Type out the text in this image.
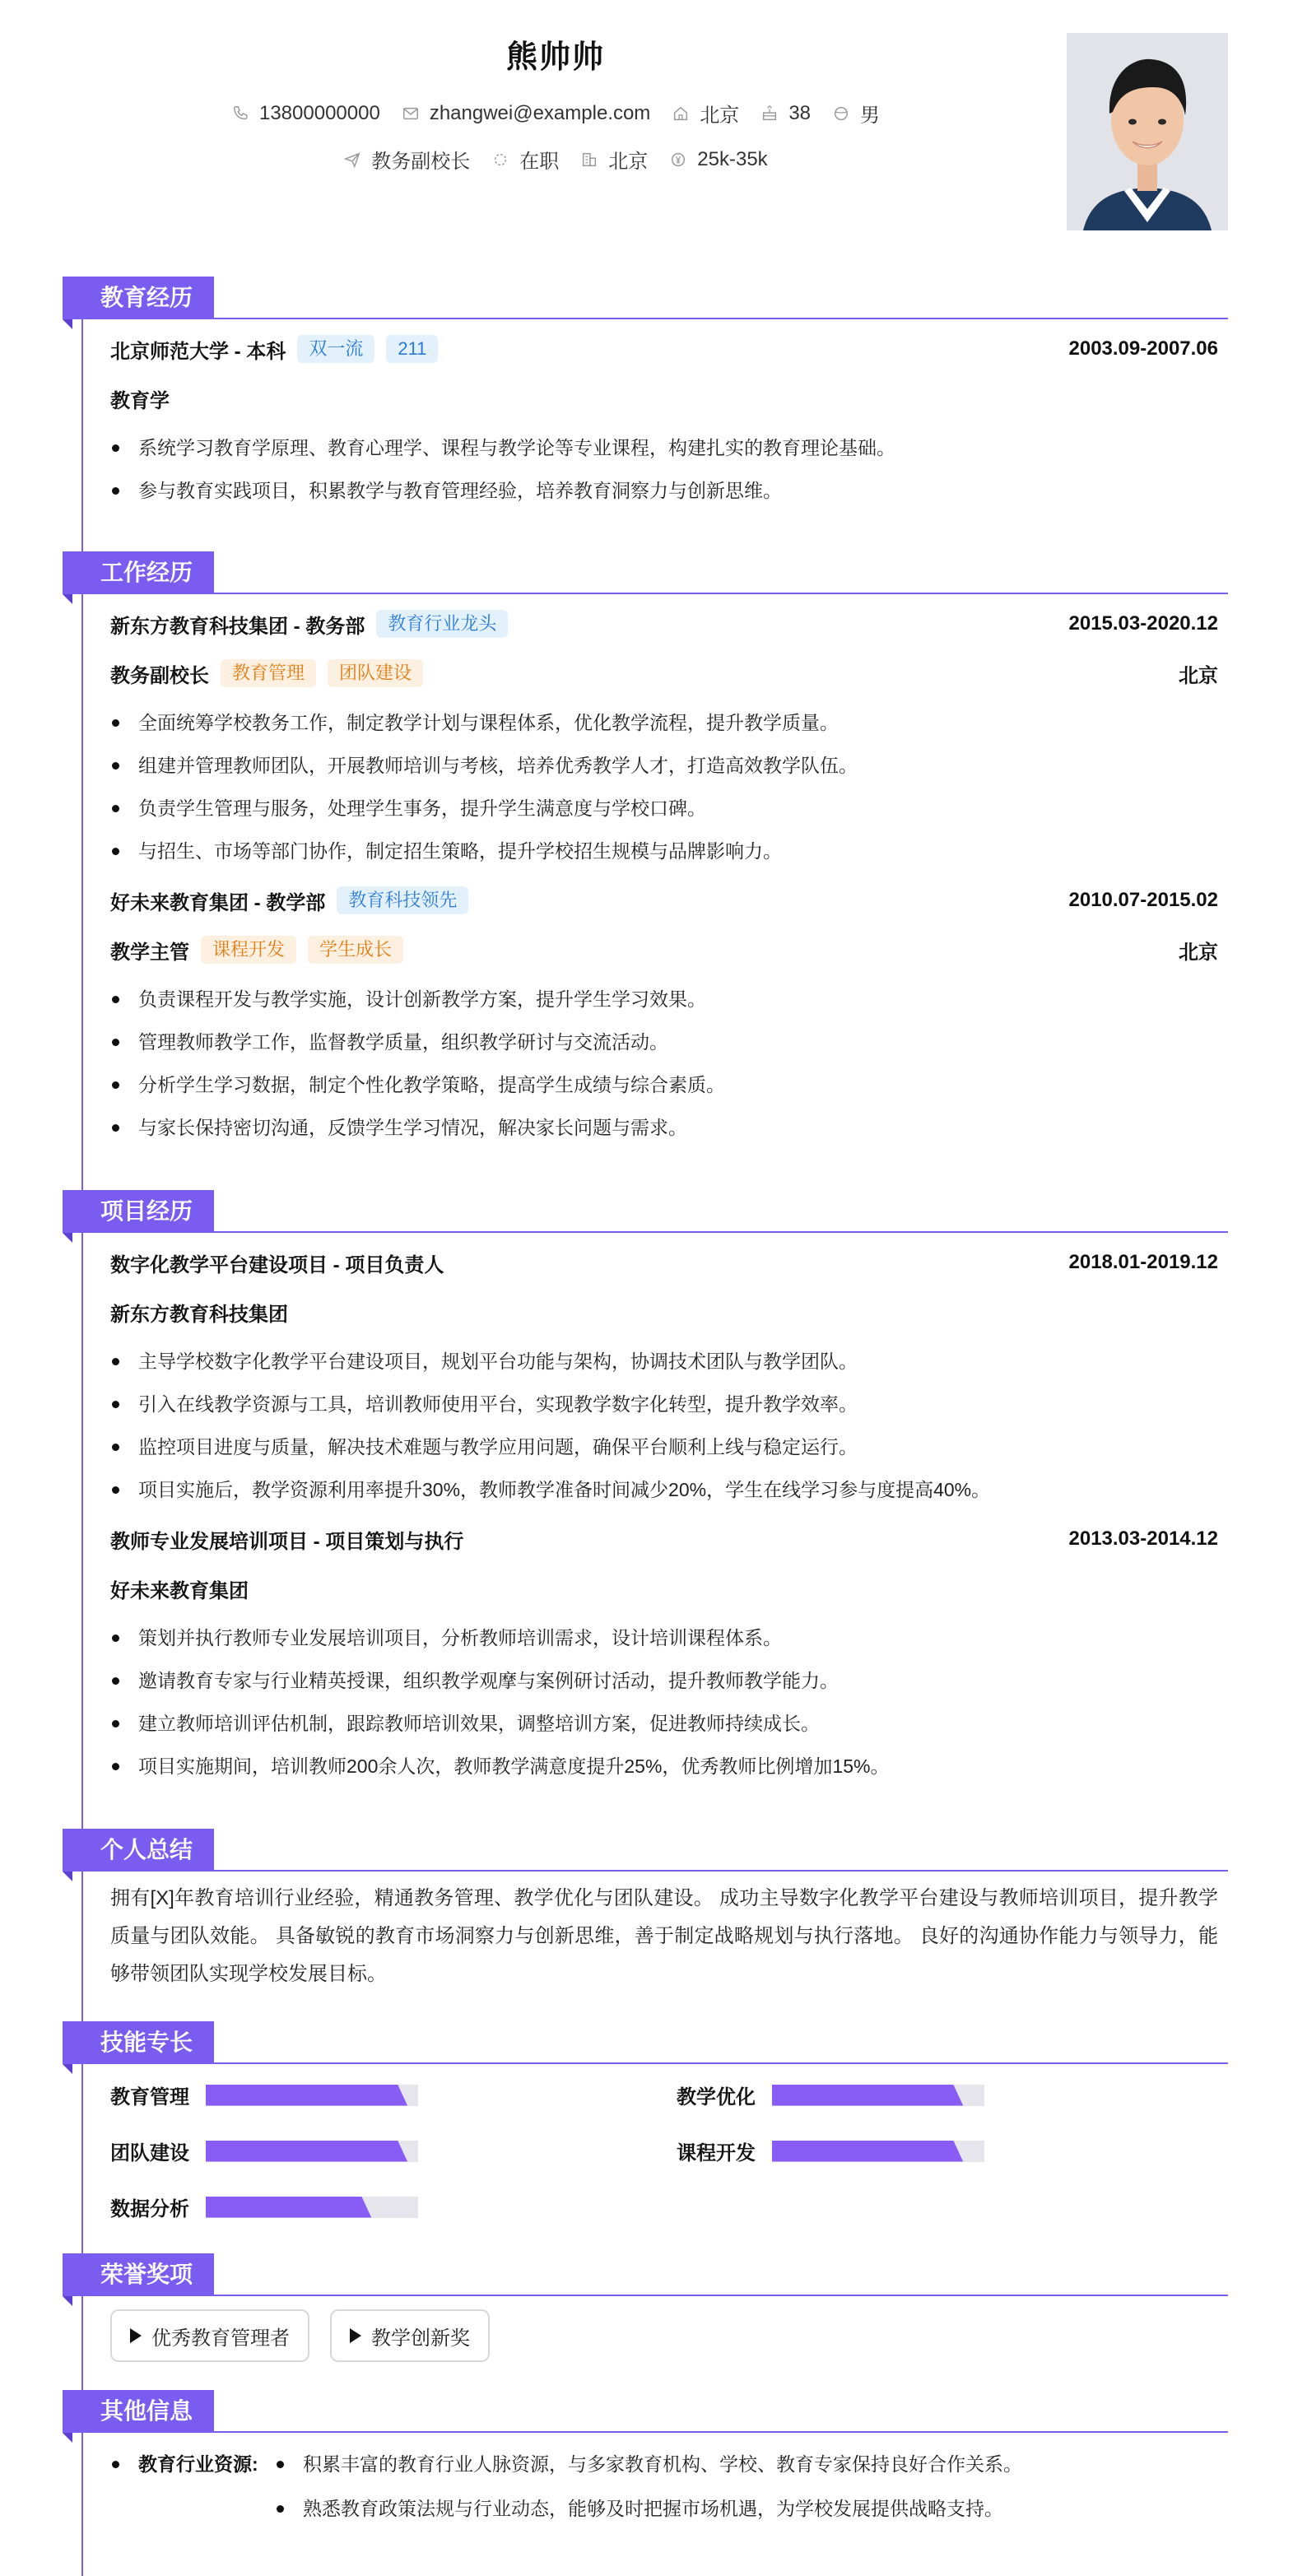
熊帅帅
13800000000	zhangwei@example.com	北京	38	男
教务副校长	在职	北京	25k-35k
教育经历
北京师范大学 - 本科	双一流	211	2003.09-2007.06
教育学
系统学习教育学原理、教育心理学、课程与教学论等专业课程，构建扎实的教育理论基础。
参与教育实践项目，积累教学与教育管理经验，培养教育洞察力与创新思维。
工作经历
新东方教育科技集团 - 教务部	教育行业龙头	2015.03-2020.12
教务副校长	教育管理	团队建设	北京
全面统筹学校教务工作，制定教学计划与课程体系，优化教学流程，提升教学质量。
组建并管理教师团队，开展教师培训与考核，培养优秀教学人才，打造高效教学队伍。
负责学生管理与服务，处理学生事务，提升学生满意度与学校口碑。
与招生、市场等部门协作，制定招生策略，提升学校招生规模与品牌影响力。
好未来教育集团 - 教学部	教育科技领先	2010.07-2015.02
教学主管	课程开发	学生成长	北京
负责课程开发与教学实施，设计创新教学方案，提升学生学习效果。
管理教师教学工作，监督教学质量，组织教学研讨与交流活动。
分析学生学习数据，制定个性化教学策略，提高学生成绩与综合素质。
与家长保持密切沟通，反馈学生学习情况，解决家长问题与需求。
项目经历
数字化教学平台建设项目 - 项目负责人	2018.01-2019.12
新东方教育科技集团
主导学校数字化教学平台建设项目，规划平台功能与架构，协调技术团队与教学团队。
引入在线教学资源与工具，培训教师使用平台，实现教学数字化转型，提升教学效率。
监控项目进度与质量，解决技术难题与教学应用问题，确保平台顺利上线与稳定运行。
项目实施后，教学资源利用率提升30%，教师教学准备时间减少20%，学生在线学习参与度提高40%。
教师专业发展培训项目 - 项目策划与执行	2013.03-2014.12
好未来教育集团
策划并执行教师专业发展培训项目，分析教师培训需求，设计培训课程体系。
邀请教育专家与行业精英授课，组织教学观摩与案例研讨活动，提升教师教学能力。
建立教师培训评估机制，跟踪教师培训效果，调整培训方案，促进教师持续成长。
项目实施期间，培训教师200余人次，教师教学满意度提升25%，优秀教师比例增加15%。
个人总结
拥有[X]年教育培训行业经验，精通教务管理、教学优化与团队建设。 成功主导数字化教学平台建设与教师培训项目，提升教学质量与团队效能。 具备敏锐的教育市场洞察力与创新思维，善于制定战略规划与执行落地。 良好的沟通协作能力与领导力，能够带领团队实现学校发展目标。
技能专长
教育管理	教学优化
团队建设	课程开发
数据分析
荣誉奖项
优秀教育管理者	教学创新奖
其他信息
教育行业资源:	积累丰富的教育行业人脉资源，与多家教育机构、学校、教育专家保持良好合作关系。
熟悉教育政策法规与行业动态，能够及时把握市场机遇，为学校发展提供战略支持。
